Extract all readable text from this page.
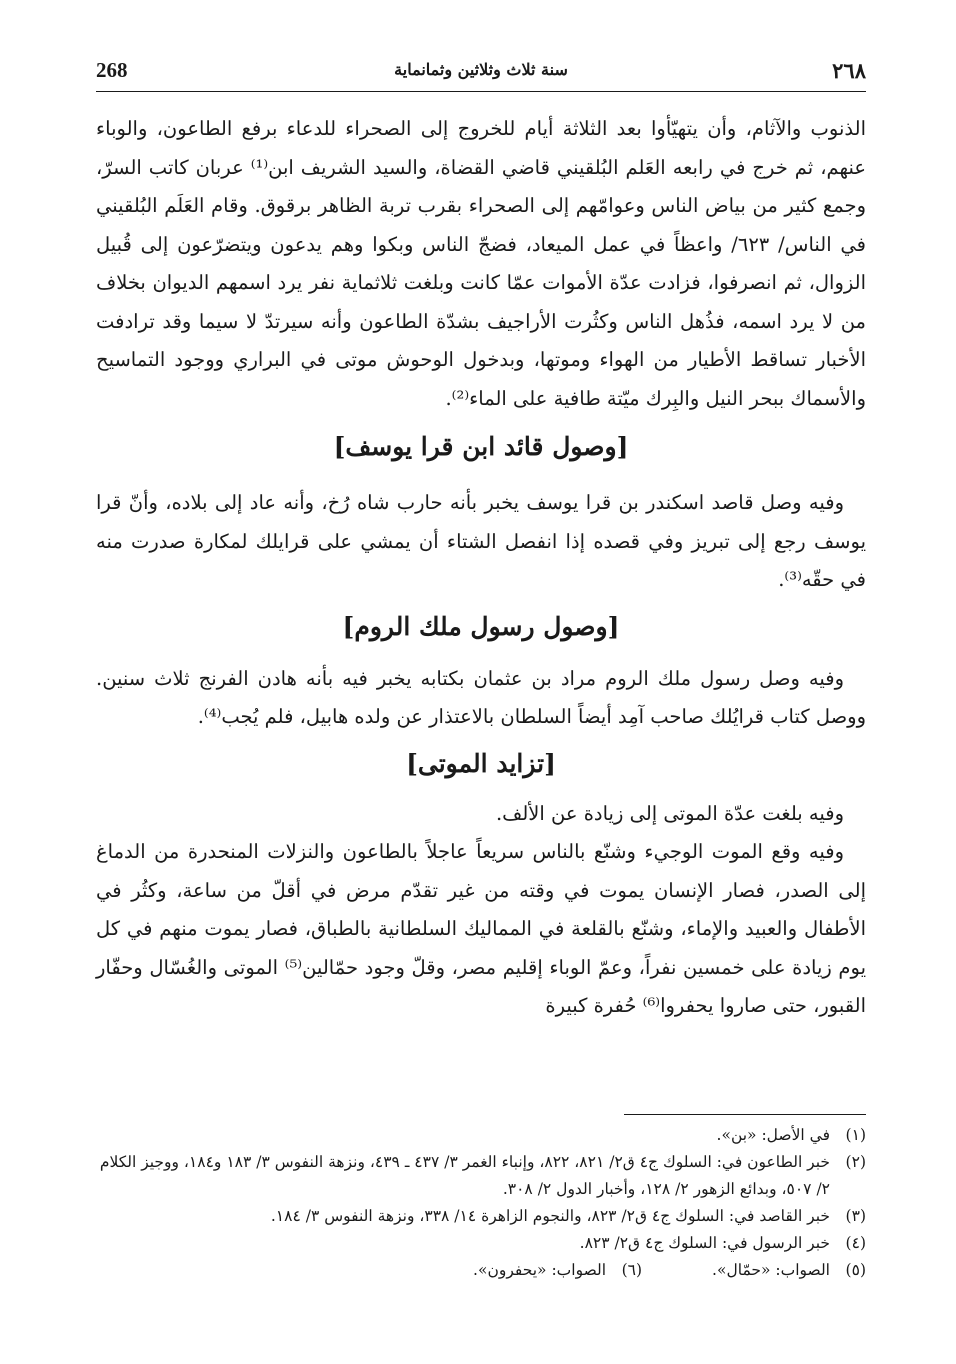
268	سنة ثلاث وثلاثين وثمانماية	٢٦٨

الذنوب والآثام، وأن يتهيّأوا بعد الثلاثة أيام للخروج إلى الصحراء للدعاء برفع الطاعون، والوباء عنهم، ثم خرج في رابعه العَلم البُلقيني قاضي القضاة، والسيد الشريف ابن⁽¹⁾ عربان كاتب السرّ، وجمع كثير من بياض الناس وعوامّهم إلى الصحراء بقرب تربة الظاهر برقوق. وقام العَلَم البُلقيني في الناس/ ٦٢٣/ واعظاً في عمل الميعاد، فضجّ الناس وبكوا وهم يدعون ويتضرّعون إلى قُبيل الزوال، ثم انصرفوا، فزادت عدّة الأموات عمّا كانت وبلغت ثلاثماية نفر يرد اسمهم الديوان بخلاف من لا يرد اسمه، فذُهل الناس وكثُرت الأراجيف بشدّة الطاعون وأنه سيرتدّ لا سيما وقد ترادفت الأخبار تساقط الأطيار من الهواء وموتها، وبدخول الوحوش موتى في البراري ووجود التماسيح والأسماك ببحر النيل والبِرك ميّتة طافية على الماء⁽²⁾.

[وصول قائد ابن قرا يوسف]

وفيه وصل قاصد اسكندر بن قرا يوسف يخبر بأنه حارب شاه رُخ، وأنه عاد إلى بلاده، وأنّ قرا يوسف رجع إلى تبريز وفي قصده إذا انفصل الشتاء أن يمشي على قرايلك لمكارة صدرت منه في حقّه⁽³⁾.

[وصول رسول ملك الروم]

وفيه وصل رسول ملك الروم مراد بن عثمان بكتابه يخبر فيه بأنه هادن الفرنج ثلاث سنين. ووصل كتاب قرايُلك صاحب آمِد أيضاً السلطان بالاعتذار عن ولده هابيل، فلم يُجب⁽⁴⁾.

[تزايد الموتى]

وفيه بلغت عدّة الموتى إلى زيادة عن الألف.

وفيه وقع الموت الوجيء وشنّع بالناس سريعاً عاجلاً بالطاعون والنزلات المنحدرة من الدماغ إلى الصدر، فصار الإنسان يموت في وقته من غير تقدّم مرض في أقلّ من ساعة، وكثُر في الأطفال والعبيد والإماء، وشنّع بالقلعة في المماليك السلطانية بالطباق، فصار يموت منهم في كل يوم زيادة على خمسين نفراً، وعمّ الوباء إقليم مصر، وقلّ وجود حمّالين⁽⁵⁾ الموتى والغُسّال وحفّار القبور، حتى صاروا يحفروا⁽⁶⁾ حُفرة كبيرة

(١)في الأصل: «بن».

(٢)خبر الطاعون في: السلوك ج٤ ق٢/ ٨٢١، ٨٢٢، وإنباء الغمر ٣/ ٤٣٧ ـ ٤٣٩، ونزهة النفوس ٣/ ١٨٣ و١٨٤، ووجيز الكلام ٢/ ٥٠٧، وبدائع الزهور ٢/ ١٢٨، وأخبار الدول ٢/ ٣٠٨.

(٣)خبر القاصد في: السلوك ج٤ ق٢/ ٨٢٣، والنجوم الزاهرة ١٤/ ٣٣٨، ونزهة النفوس ٣/ ١٨٤.

(٤)خبر الرسول في: السلوك ج٤ ق٢/ ٨٢٣.

(٥)الصواب: «حمّال».

(٦)الصواب: «يحفرون».
